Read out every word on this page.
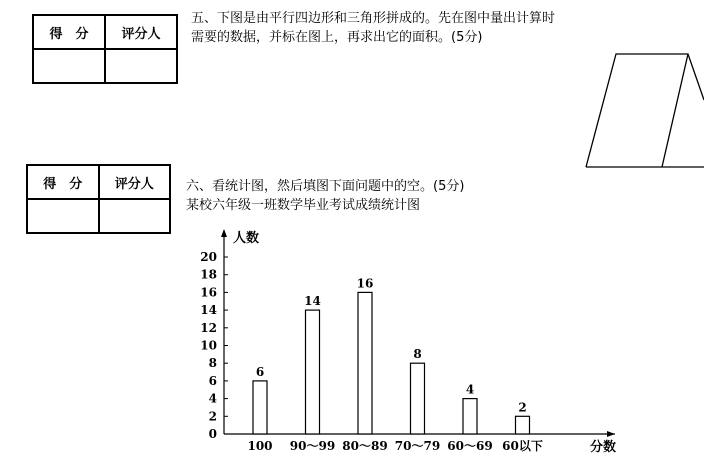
得　分	评分人

五、下图是由平行四边形和三角形拼成的。先在图中量出计算时
需要的数据，并标在图上，再求出它的面积。(5分)
得　分	评分人
	六、看统计图，然后填图下面问题中的空。(5分)
某校六年级一班数学毕业考试成绩统计图
0
2
4
6
8
10
12
14
16
18
20
6
100
14
90～99
16
80～89
8
70～79
4
60～69
2
60以下
人数
分数
